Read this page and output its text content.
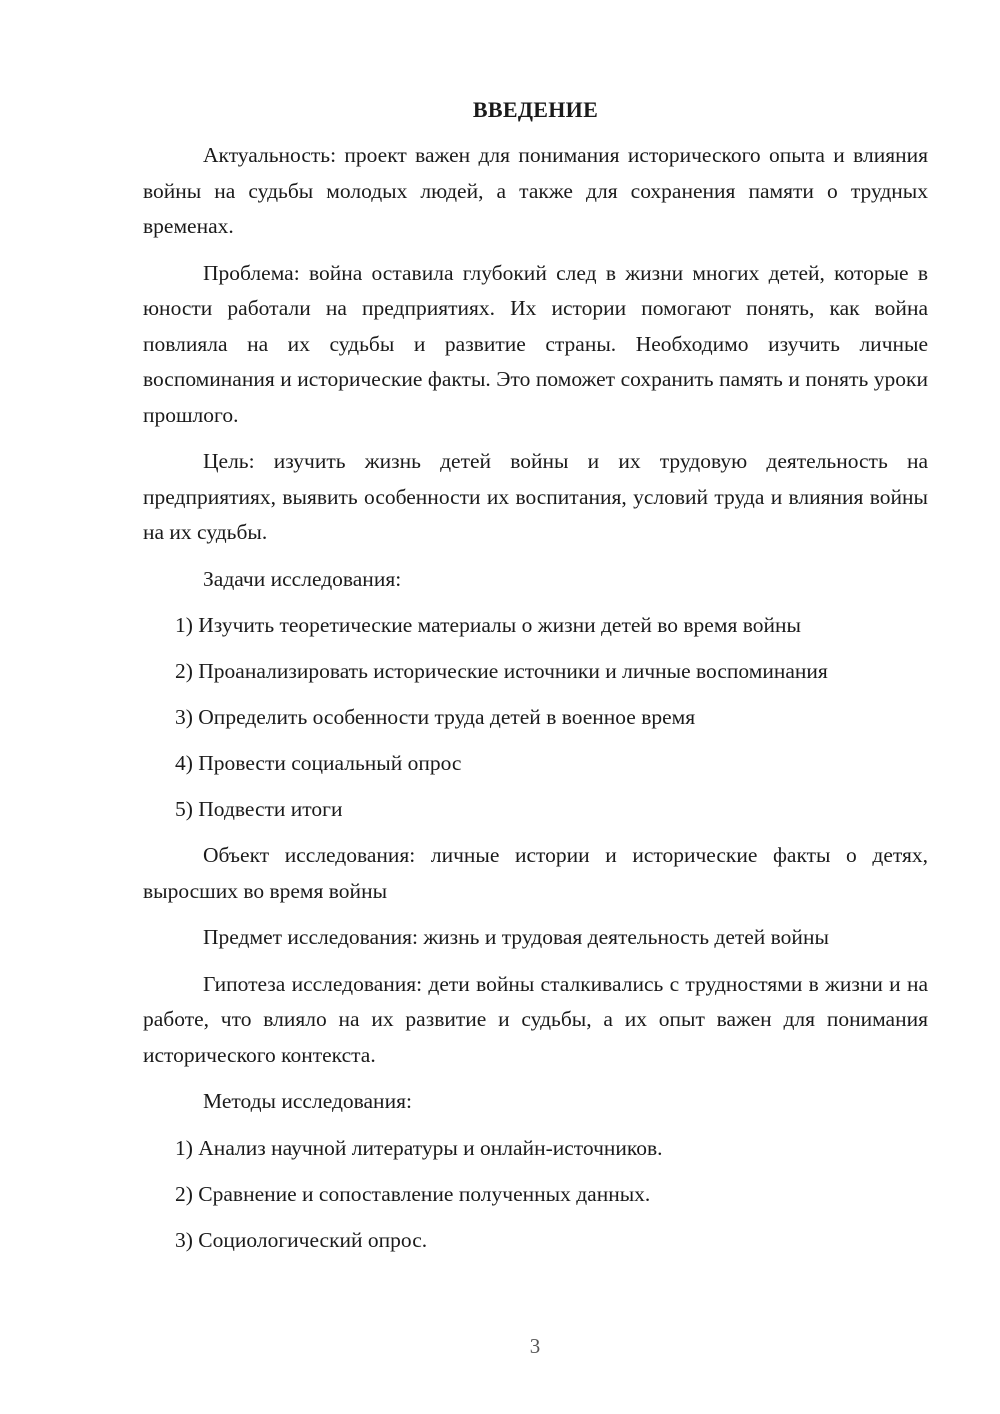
ВВЕДЕНИЕ

Актуальность: проект важен для понимания исторического опыта и влияния войны на судьбы молодых людей, а также для сохранения памяти о трудных временах.

Проблема: война оставила глубокий след в жизни многих детей, которые в юности работали на предприятиях. Их истории помогают понять, как война повлияла на их судьбы и развитие страны. Необходимо изучить личные воспоминания и исторические факты. Это поможет сохранить память и понять уроки прошлого.

Цель: изучить жизнь детей войны и их трудовую деятельность на предприятиях, выявить особенности их воспитания, условий труда и влияния войны на их судьбы.

Задачи исследования:

1) Изучить теоретические материалы о жизни детей во время войны

2) Проанализировать исторические источники и личные воспоминания

3) Определить особенности труда детей в военное время

4) Провести социальный опрос

5) Подвести итоги

Объект исследования: личные истории и исторические факты о детях, выросших во время войны

Предмет исследования: жизнь и трудовая деятельность детей войны

Гипотеза исследования: дети войны сталкивались с трудностями в жизни и на работе, что влияло на их развитие и судьбы, а их опыт важен для понимания исторического контекста.

Методы исследования:

1) Анализ научной литературы и онлайн-источников.

2) Сравнение и сопоставление полученных данных.

3) Социологический опрос.

3
